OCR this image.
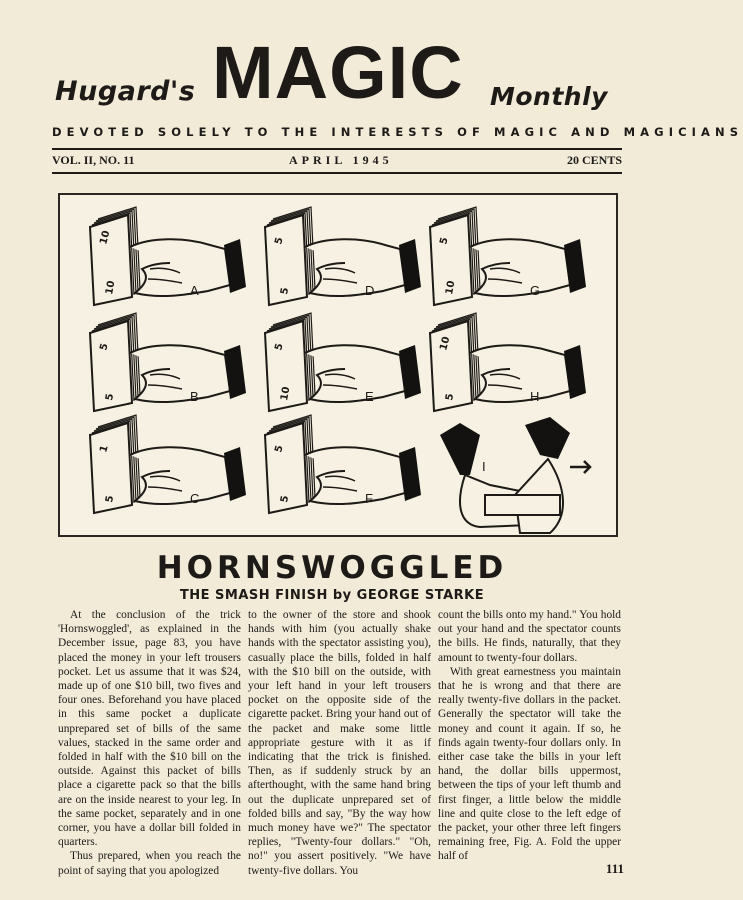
Hugard's MAGIC Monthly
DEVOTED SOLELY TO THE INTERESTS OF MAGIC AND MAGICIANS
VOL. II, NO. 11	APRIL 1945	20 CENTS
10
10	A
5
5	B
1
5	C
5
5	D
5
10	E
5
5	F
5
10	G
10
5	H
I
HORNSWOGGLED
THE SMASH FINISH by GEORGE STARKE

At the conclusion of the trick 'Hornswoggled', as explained in the December issue, page 83, you have placed the money in your left trousers pocket. Let us assume that it was $24, made up of one $10 bill, two fives and four ones. Beforehand you have placed in this same pocket a duplicate unprepared set of bills of the same values, stacked in the same order and folded in half with the $10 bill on the outside. Against this packet of bills place a cigarette pack so that the bills are on the inside nearest to your leg. In the same pocket, separately and in one corner, you have a dollar bill folded in quarters.

Thus prepared, when you reach the point of saying that you apologized

to the owner of the store and shook hands with him (you actually shake hands with the spectator assisting you), casually place the bills, folded in half with the $10 bill on the outside, with your left hand in your left trousers pocket on the opposite side of the cigarette packet. Bring your hand out of the packet and make some little appropriate gesture with it as if indicating that the trick is finished. Then, as if suddenly struck by an afterthought, with the same hand bring out the duplicate unprepared set of folded bills and say, "By the way how much money have we?" The spectator replies, "Twenty-four dollars." "Oh, no!" you assert positively. "We have twenty-five dollars. You

count the bills onto my hand." You hold out your hand and the spectator counts the bills. He finds, naturally, that they amount to twenty-four dollars.

With great earnestness you maintain that he is wrong and that there are really twenty-five dollars in the packet. Generally the spectator will take the money and count it again. If so, he finds again twenty-four dollars only. In either case take the bills in your left hand, the dollar bills uppermost, between the tips of your left thumb and first finger, a little below the middle line and quite close to the left edge of the packet, your other three left fingers remaining free, Fig. A. Fold the upper half of

111
